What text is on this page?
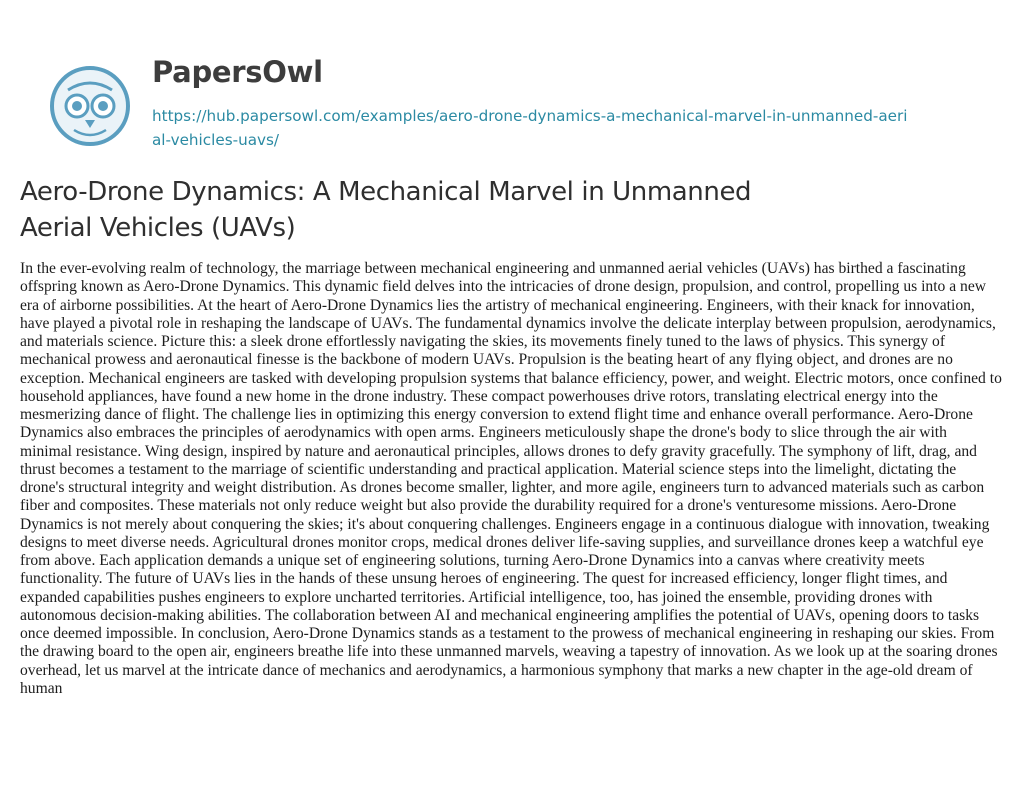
PapersOwl
https://hub.papersowl.com/examples/aero-drone-dynamics-a-mechanical-marvel-in-unmanned-aerial-vehicles-uavs/
Aero-Drone Dynamics: A Mechanical Marvel in Unmanned Aerial Vehicles (UAVs)

In the ever-evolving realm of technology, the marriage between mechanical engineering and unmanned aerial vehicles (UAVs) has birthed a fascinating offspring known as Aero-Drone Dynamics. This dynamic field delves into the intricacies of drone design, propulsion, and control, propelling us into a new era of airborne possibilities. At the heart of Aero-Drone Dynamics lies the artistry of mechanical engineering. Engineers, with their knack for innovation, have played a pivotal role in reshaping the landscape of UAVs. The fundamental dynamics involve the delicate interplay between propulsion, aerodynamics, and materials science. Picture this: a sleek drone effortlessly navigating the skies, its movements finely tuned to the laws of physics. This synergy of mechanical prowess and aeronautical finesse is the backbone of modern UAVs. Propulsion is the beating heart of any flying object, and drones are no exception. Mechanical engineers are tasked with developing propulsion systems that balance efficiency, power, and weight. Electric motors, once confined to household appliances, have found a new home in the drone industry. These compact powerhouses drive rotors, translating electrical energy into the mesmerizing dance of flight. The challenge lies in optimizing this energy conversion to extend flight time and enhance overall performance. Aero-Drone Dynamics also embraces the principles of aerodynamics with open arms. Engineers meticulously shape the drone's body to slice through the air with minimal resistance. Wing design, inspired by nature and aeronautical principles, allows drones to defy gravity gracefully. The symphony of lift, drag, and thrust becomes a testament to the marriage of scientific understanding and practical application. Material science steps into the limelight, dictating the drone's structural integrity and weight distribution. As drones become smaller, lighter, and more agile, engineers turn to advanced materials such as carbon fiber and composites. These materials not only reduce weight but also provide the durability required for a drone's venturesome missions. Aero-Drone Dynamics is not merely about conquering the skies; it's about conquering challenges. Engineers engage in a continuous dialogue with innovation, tweaking designs to meet diverse needs. Agricultural drones monitor crops, medical drones deliver life-saving supplies, and surveillance drones keep a watchful eye from above. Each application demands a unique set of engineering solutions, turning Aero-Drone Dynamics into a canvas where creativity meets functionality. The future of UAVs lies in the hands of these unsung heroes of engineering. The quest for increased efficiency, longer flight times, and expanded capabilities pushes engineers to explore uncharted territories. Artificial intelligence, too, has joined the ensemble, providing drones with autonomous decision-making abilities. The collaboration between AI and mechanical engineering amplifies the potential of UAVs, opening doors to tasks once deemed impossible. In conclusion, Aero-Drone Dynamics stands as a testament to the prowess of mechanical engineering in reshaping our skies. From the drawing board to the open air, engineers breathe life into these unmanned marvels, weaving a tapestry of innovation. As we look up at the soaring drones overhead, let us marvel at the intricate dance of mechanics and aerodynamics, a harmonious symphony that marks a new chapter in the age-old dream of human
